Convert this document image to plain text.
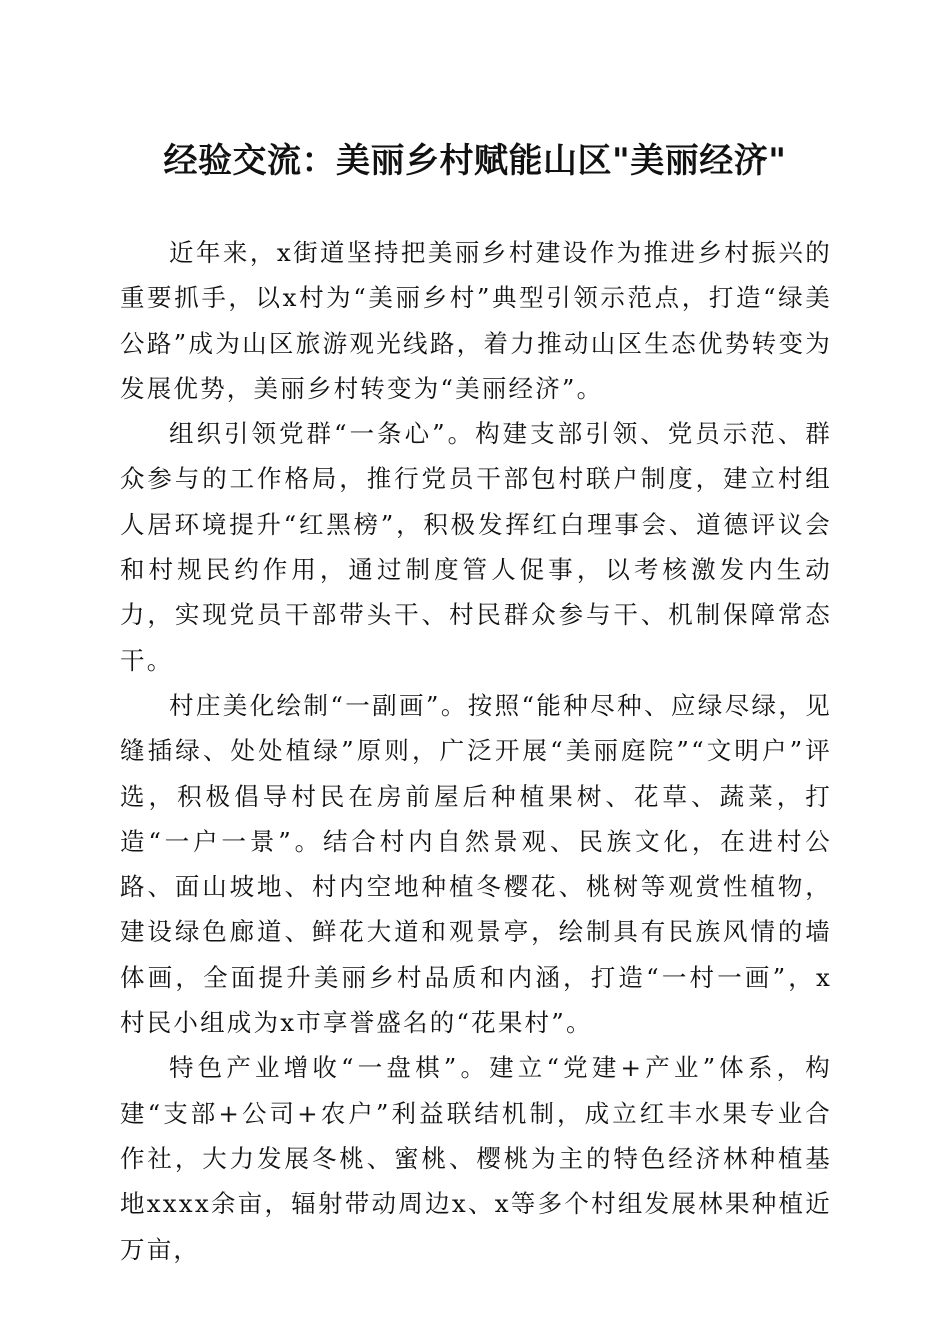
经验交流：美丽乡村赋能山区"美丽经济"

近年来，x街道坚持把美丽乡村建设作为推进乡村振兴的重要抓手，以x村为“美丽乡村”典型引领示范点，打造“绿美公路”成为山区旅游观光线路，着力推动山区生态优势转变为发展优势，美丽乡村转变为“美丽经济”。

组织引领党群“一条心”。构建支部引领、党员示范、群众参与的工作格局，推行党员干部包村联户制度，建立村组人居环境提升“红黑榜”，积极发挥红白理事会、道德评议会和村规民约作用，通过制度管人促事，以考核激发内生动力，实现党员干部带头干、村民群众参与干、机制保障常态干。

村庄美化绘制“一副画”。按照“能种尽种、应绿尽绿，见缝插绿、处处植绿”原则，广泛开展“美丽庭院”“文明户”评选，积极倡导村民在房前屋后种植果树、花草、蔬菜，打造“一户一景”。结合村内自然景观、民族文化，在进村公路、面山坡地、村内空地种植冬樱花、桃树等观赏性植物，建设绿色廊道、鲜花大道和观景亭，绘制具有民族风情的墙体画，全面提升美丽乡村品质和内涵，打造“一村一画”，x村民小组成为x市享誉盛名的“花果村”。

特色产业增收“一盘棋”。建立“党建+产业”体系，构建“支部+公司+农户”利益联结机制，成立红丰水果专业合作社，大力发展冬桃、蜜桃、樱桃为主的特色经济林种植基地xxxx余亩，辐射带动周边x、x等多个村组发展林果种植近万亩，
